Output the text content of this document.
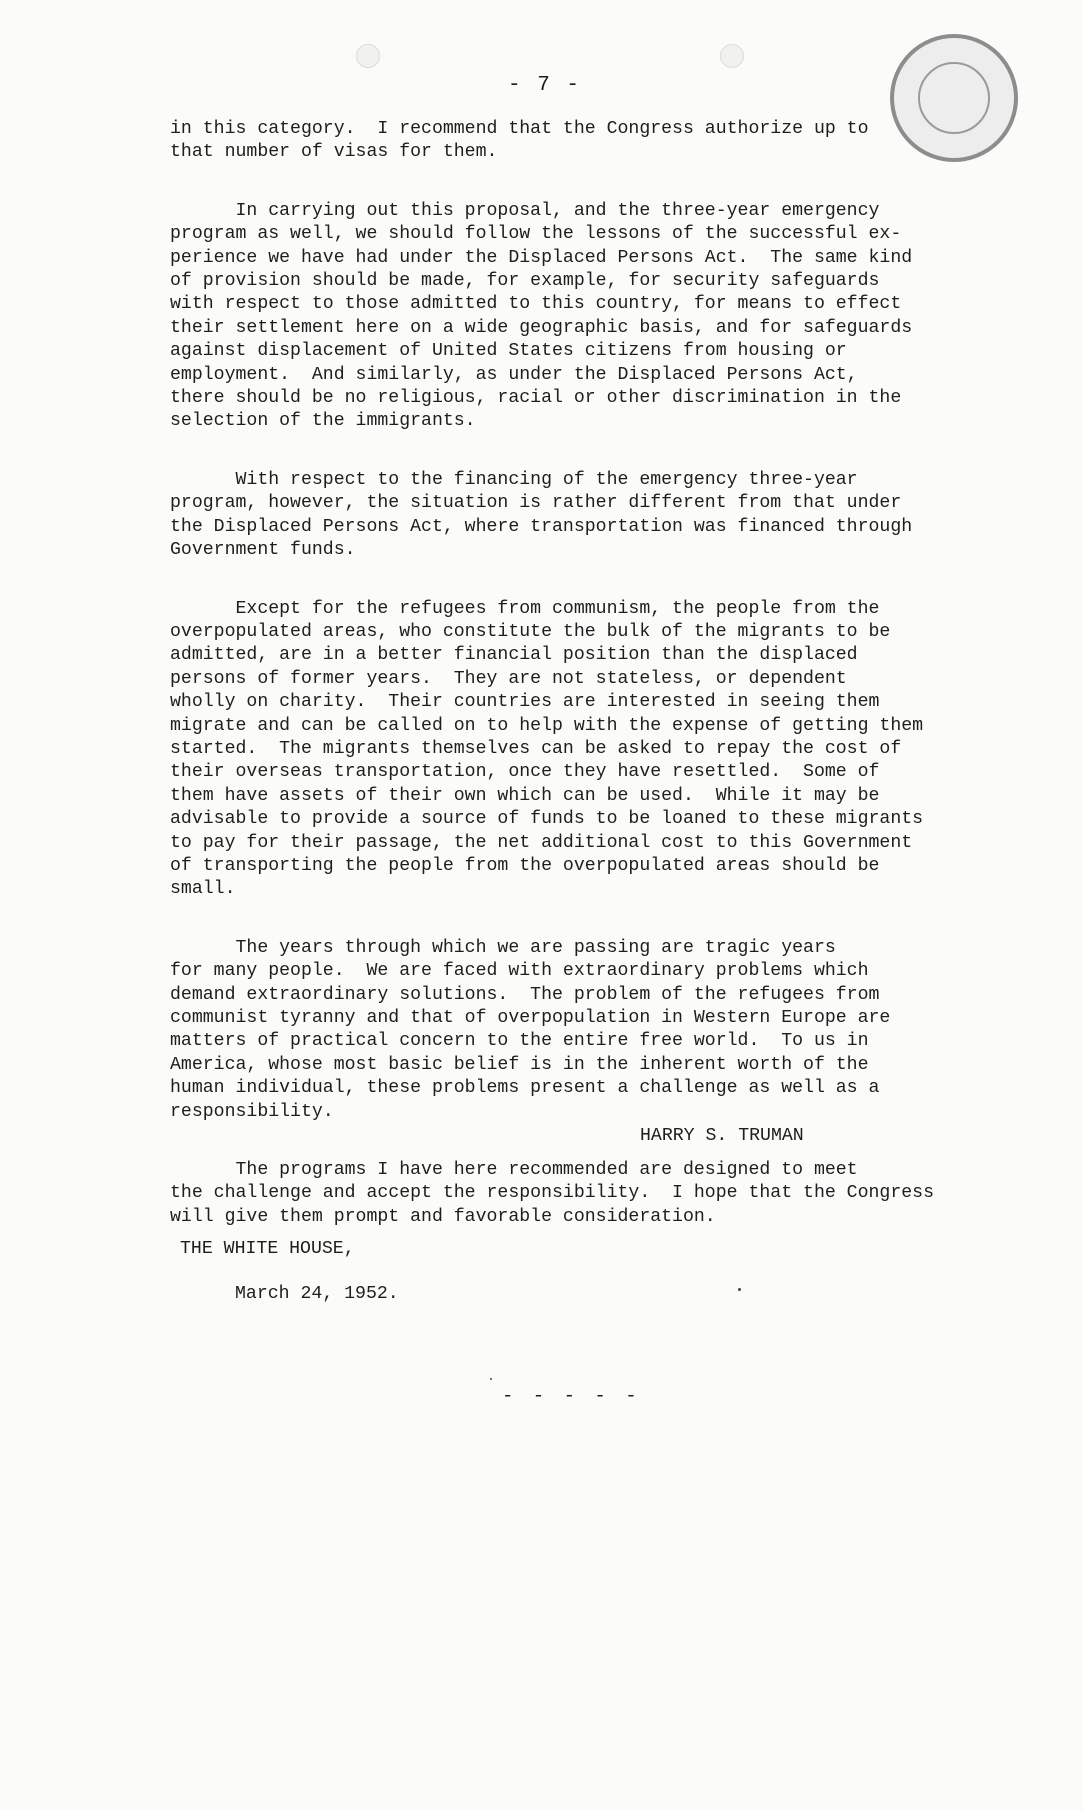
- 7 -

in this category.  I recommend that the Congress authorize up to
that number of visas for them.

In carrying out this proposal, and the three-year emergency
program as well, we should follow the lessons of the successful ex-
perience we have had under the Displaced Persons Act.  The same kind
of provision should be made, for example, for security safeguards
with respect to those admitted to this country, for means to effect
their settlement here on a wide geographic basis, and for safeguards
against displacement of United States citizens from housing or
employment.  And similarly, as under the Displaced Persons Act,
there should be no religious, racial or other discrimination in the
selection of the immigrants.

With respect to the financing of the emergency three-year
program, however, the situation is rather different from that under
the Displaced Persons Act, where transportation was financed through
Government funds.

Except for the refugees from communism, the people from the
overpopulated areas, who constitute the bulk of the migrants to be
admitted, are in a better financial position than the displaced
persons of former years.  They are not stateless, or dependent
wholly on charity.  Their countries are interested in seeing them
migrate and can be called on to help with the expense of getting them
started.  The migrants themselves can be asked to repay the cost of
their overseas transportation, once they have resettled.  Some of
them have assets of their own which can be used.  While it may be
advisable to provide a source of funds to be loaned to these migrants
to pay for their passage, the net additional cost to this Government
of transporting the people from the overpopulated areas should be
small.

The years through which we are passing are tragic years
for many people.  We are faced with extraordinary problems which
demand extraordinary solutions.  The problem of the refugees from
communist tyranny and that of overpopulation in Western Europe are
matters of practical concern to the entire free world.  To us in
America, whose most basic belief is in the inherent worth of the
human individual, these problems present a challenge as well as a
responsibility.

The programs I have here recommended are designed to meet
the challenge and accept the responsibility.  I hope that the Congress
will give them prompt and favorable consideration.

HARRY S. TRUMAN
THE WHITE HOUSE,
March 24, 1952.
- - - - -
